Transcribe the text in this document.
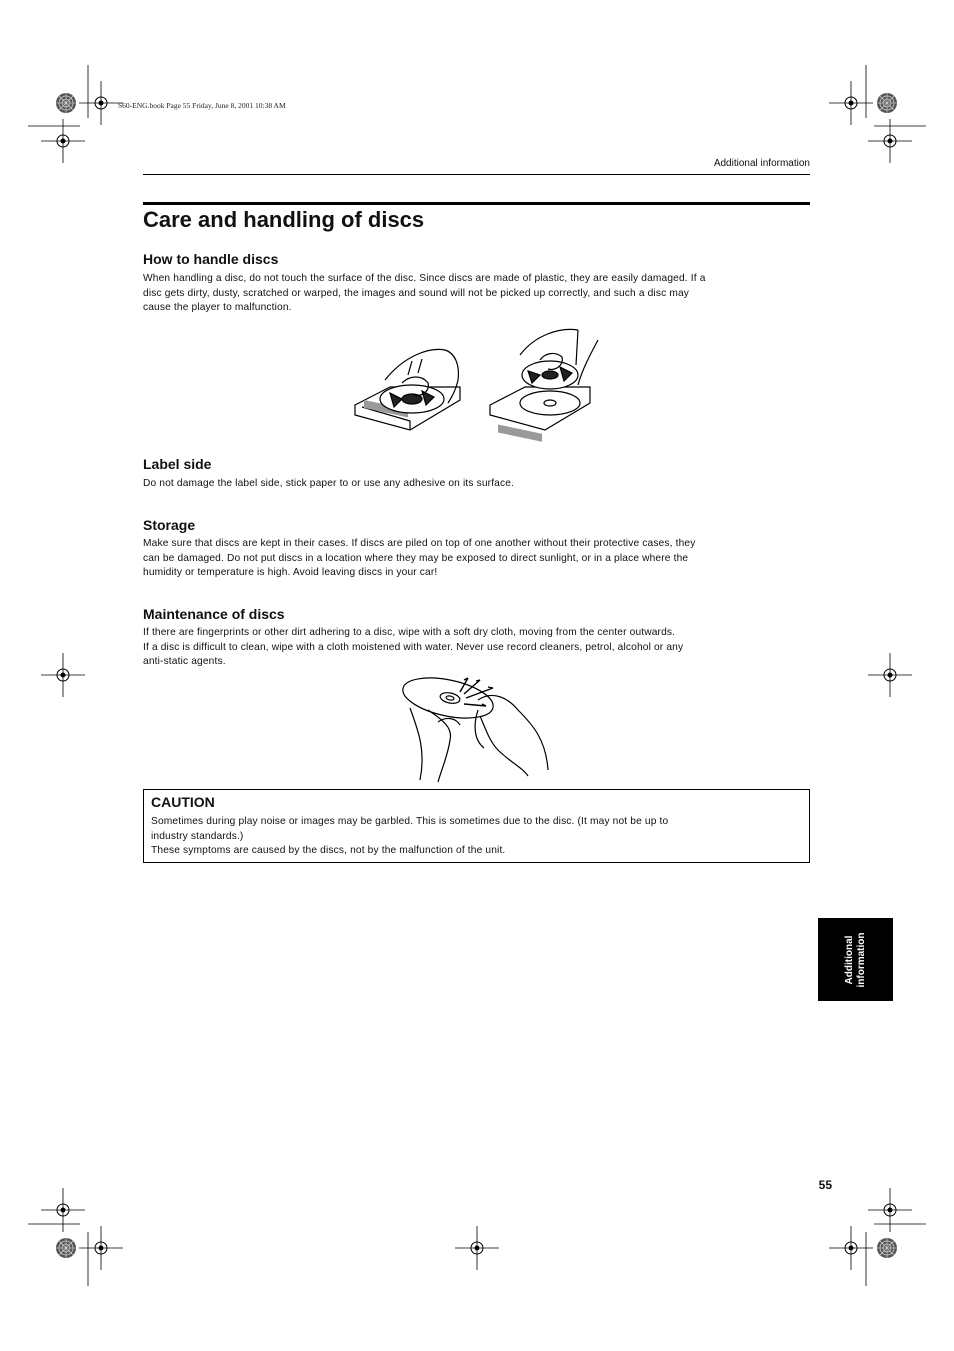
S60-ENG.book Page 55 Friday, June 8, 2001 10:38 AM
Additional information
Care and handling of discs
How to handle discs

When handling a disc, do not touch the surface of the disc. Since discs are made of plastic, they are easily damaged. If a
disc gets dirty, dusty, scratched or warped, the images and sound will not be picked up correctly, and such a disc may
cause the player to malfunction.

Label side

Do not damage the label side, stick paper to or use any adhesive on its surface.

Storage

Make sure that discs are kept in their cases. If discs are piled on top of one another without their protective cases, they
can be damaged. Do not put discs in a location where they may be exposed to direct sunlight, or in a place where the
humidity or temperature is high. Avoid leaving discs in your car!

Maintenance of discs

If there are fingerprints or other dirt adhering to a disc, wipe with a soft dry cloth, moving from the center outwards.
If a disc is difficult to clean, wipe with a cloth moistened with water. Never use record cleaners, petrol, alcohol or any
anti-static agents.

CAUTION

Sometimes during play noise or images may be garbled. This is sometimes due to the disc. (It may not be up to
industry standards.)
These symptoms are caused by the discs, not by the malfunction of the unit.

Additional
information
55
